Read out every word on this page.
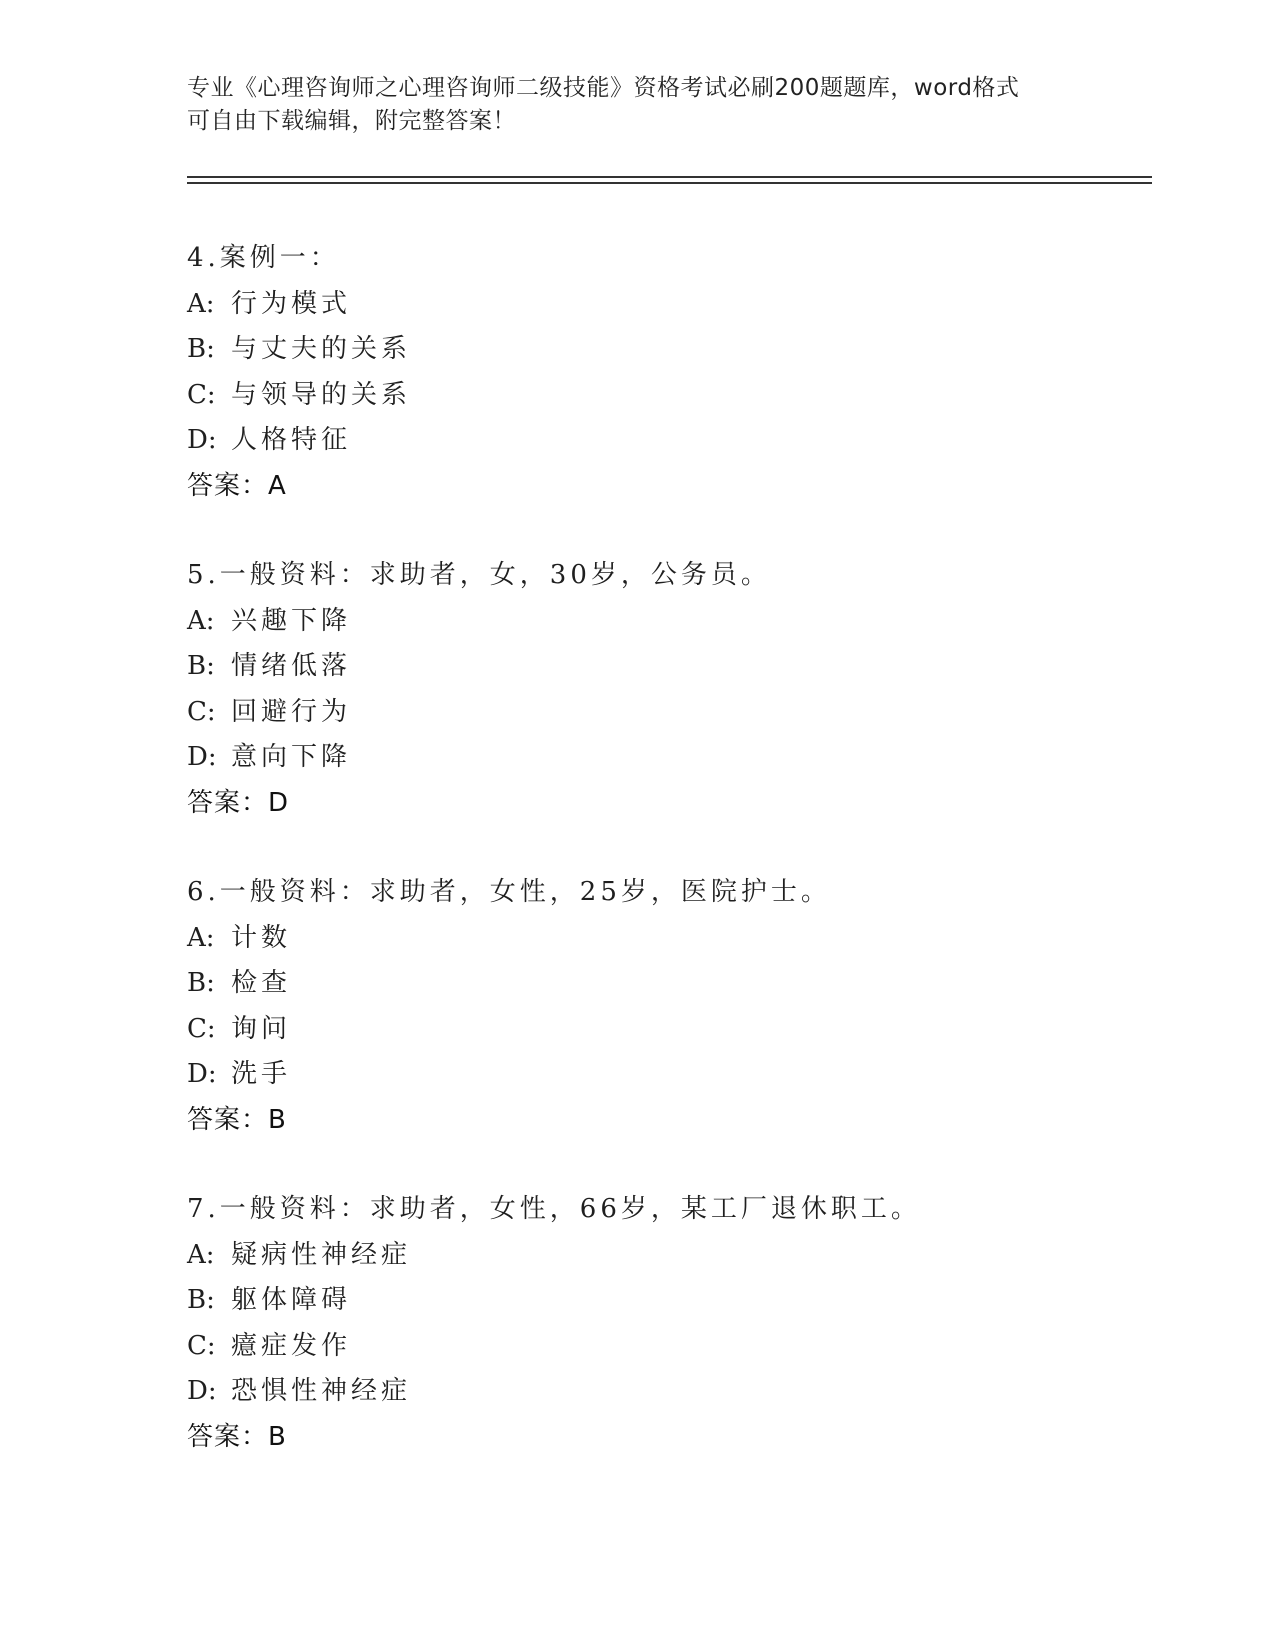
专业《心理咨询师之心理咨询师二级技能》资格考试必刷200题题库，word格式
可自由下载编辑，附完整答案！
4.案例一：
A: 行为模式
B: 与丈夫的关系
C: 与领导的关系
D: 人格特征
答案：A
5.一般资料：求助者，女，30岁，公务员。
A: 兴趣下降
B: 情绪低落
C: 回避行为
D: 意向下降
答案：D
6.一般资料：求助者，女性，25岁，医院护士。
A: 计数
B: 检查
C: 询问
D: 洗手
答案：B
7.一般资料：求助者，女性，66岁，某工厂退休职工。
A: 疑病性神经症
B: 躯体障碍
C: 癔症发作
D: 恐惧性神经症
答案：B
